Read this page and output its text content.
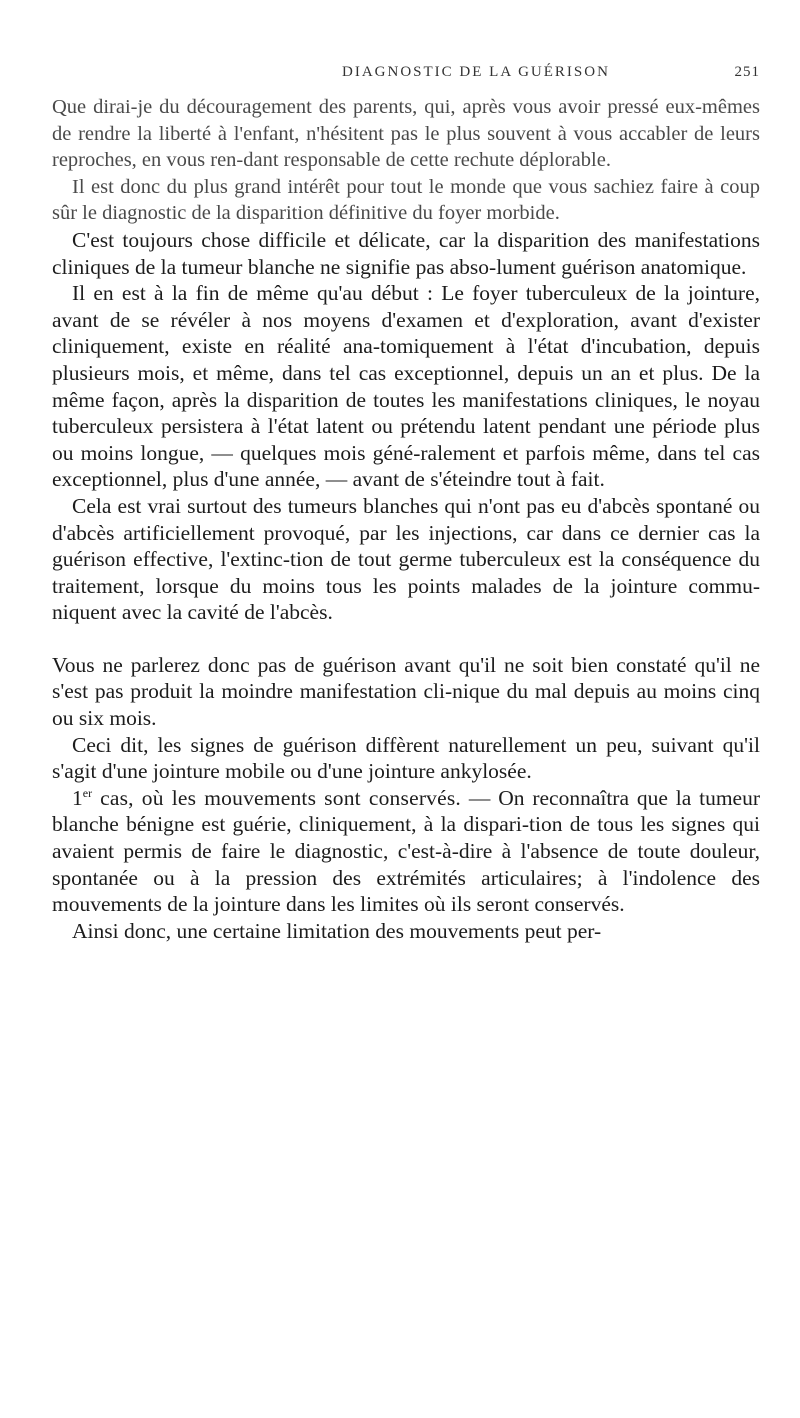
DIAGNOSTIC DE LA GUÉRISON	251

Que dirai-je du découragement des parents, qui, après vous avoir pressé eux-mêmes de rendre la liberté à l'enfant, n'hésitent pas le plus souvent à vous accabler de leurs reproches, en vous ren-dant responsable de cette rechute déplorable.

Il est donc du plus grand intérêt pour tout le monde que vous sachiez faire à coup sûr le diagnostic de la disparition définitive du foyer morbide.

C'est toujours chose difficile et délicate, car la disparition des manifestations cliniques de la tumeur blanche ne signifie pas abso-lument guérison anatomique.

Il en est à la fin de même qu'au début : Le foyer tuberculeux de la jointure, avant de se révéler à nos moyens d'examen et d'exploration, avant d'exister cliniquement, existe en réalité ana-tomiquement à l'état d'incubation, depuis plusieurs mois, et même, dans tel cas exceptionnel, depuis un an et plus. De la même façon, après la disparition de toutes les manifestations cliniques, le noyau tuberculeux persistera à l'état latent ou prétendu latent pendant une période plus ou moins longue, — quelques mois géné-ralement et parfois même, dans tel cas exceptionnel, plus d'une année, — avant de s'éteindre tout à fait.

Cela est vrai surtout des tumeurs blanches qui n'ont pas eu d'abcès spontané ou d'abcès artificiellement provoqué, par les injections, car dans ce dernier cas la guérison effective, l'extinc-tion de tout germe tuberculeux est la conséquence du traitement, lorsque du moins tous les points malades de la jointure commu-niquent avec la cavité de l'abcès.

Vous ne parlerez donc pas de guérison avant qu'il ne soit bien constaté qu'il ne s'est pas produit la moindre manifestation cli-nique du mal depuis au moins cinq ou six mois.

Ceci dit, les signes de guérison diffèrent naturellement un peu, suivant qu'il s'agit d'une jointure mobile ou d'une jointure ankylosée.

1er cas, où les mouvements sont conservés. — On reconnaîtra que la tumeur blanche bénigne est guérie, cliniquement, à la dispari-tion de tous les signes qui avaient permis de faire le diagnostic, c'est-à-dire à l'absence de toute douleur, spontanée ou à la pression des extrémités articulaires; à l'indolence des mouvements de la jointure dans les limites où ils seront conservés.

Ainsi donc, une certaine limitation des mouvements peut per-
